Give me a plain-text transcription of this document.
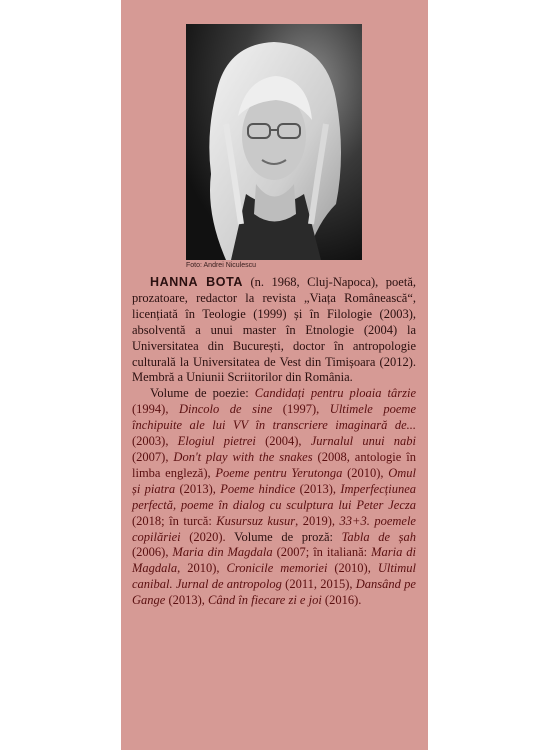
Foto: Andrei Niculescu

HANNA BOTA (n. 1968, Cluj-Napoca), poetă, prozatoare, redactor la revista „Viața Românească“, licențiată în Teologie (1999) și în Filologie (2003), absolventă a unui master în Etnologie (2004) la Universitatea din București, doctor în antropologie culturală la Universitatea de Vest din Timișoara (2012). Membră a Uniunii Scriitorilor din România.

Volume de poezie: Candidați pentru ploaia târzie (1994), Dincolo de sine (1997), Ultimele poeme închipuite ale lui VV în transcriere imaginară de... (2003), Elogiul pietrei (2004), Jurnalul unui nabi (2007), Don't play with the snakes (2008, antologie în limba engleză), Poeme pentru Yerutonga (2010), Omul și piatra (2013), Poeme hindice (2013), Imperfecțiunea perfectă, poeme în dialog cu sculptura lui Peter Jecza (2018; în turcă: Kusursuz kusur, 2019), 33+3. poemele copilăriei (2020). Volume de proză: Tabla de șah (2006), Maria din Magdala (2007; în italiană: Maria di Magdala, 2010), Cronicile memoriei (2010), Ultimul canibal. Jurnal de antropolog (2011, 2015), Dansând pe Gange (2013), Când în fiecare zi e joi (2016).
